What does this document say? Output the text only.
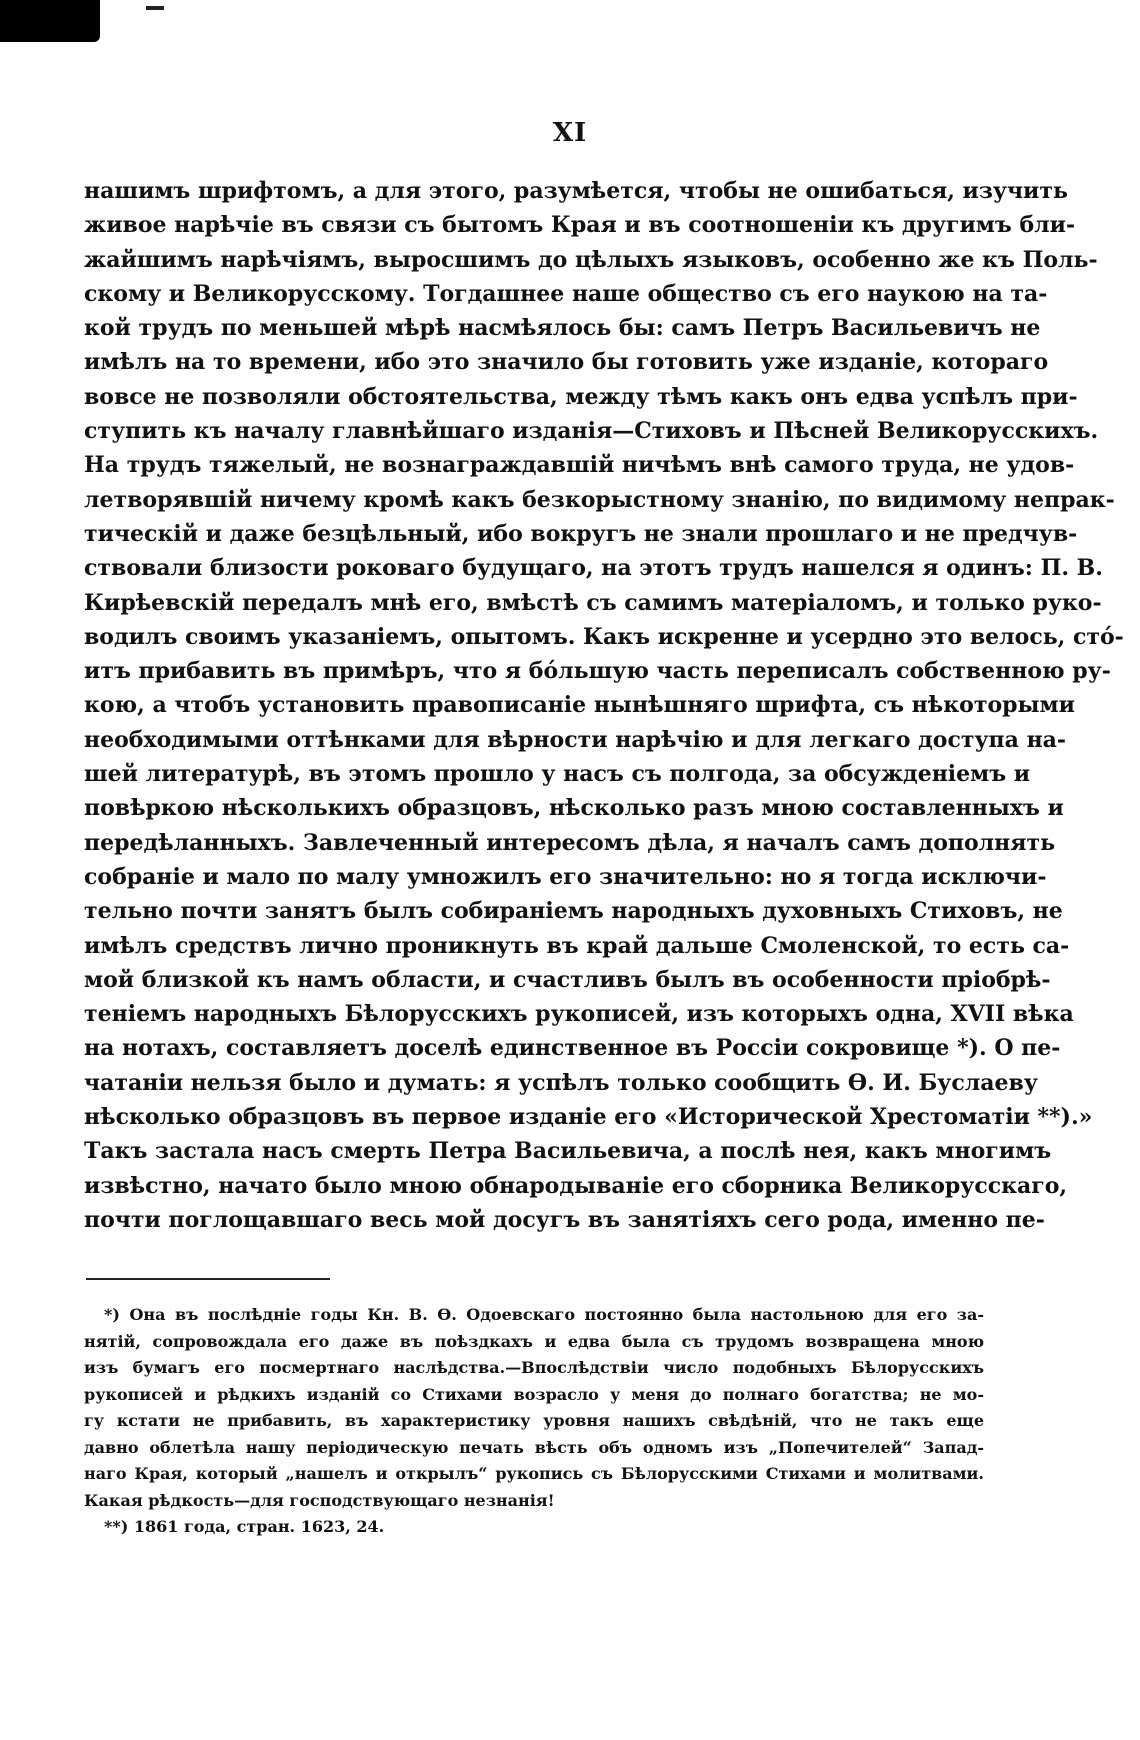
XI
нашимъ шрифтомъ, а для этого, разумѣется, чтобы не ошибаться, изучить
живое нарѣчіе въ связи съ бытомъ Края и въ соотношеніи къ другимъ бли-
жайшимъ нарѣчіямъ, выросшимъ до цѣлыхъ языковъ, особенно же къ Поль-
скому и Великорусскому. Тогдашнее наше общество съ его наукою на та-
кой трудъ по меньшей мѣрѣ насмѣялось бы: самъ Петръ Васильевичъ не
имѣлъ на то времени, ибо это значило бы готовить уже изданіе, котораго
вовсе не позволяли обстоятельства, между тѣмъ какъ онъ едва успѣлъ при-
ступить къ началу главнѣйшаго изданія—Стиховъ и Пѣсней Великорусскихъ.
На трудъ тяжелый, не вознаграждавшій ничѣмъ внѣ самого труда, не удов-
летворявшій ничему кромѣ какъ безкорыстному знанію, по видимому непрак-
тическій и даже безцѣльный, ибо вокругъ не знали прошлаго и не предчув-
ствовали близости роковаго будущаго, на этотъ трудъ нашелся я одинъ: П. В.
Кирѣевскій передалъ мнѣ его, вмѣстѣ съ самимъ матеріаломъ, и только руко-
водилъ своимъ указаніемъ, опытомъ. Какъ искренне и усердно это велось, сто́-
итъ прибавить въ примѣръ, что я бо́льшую часть переписалъ собственною ру-
кою, а чтобъ установить правописаніе нынѣшняго шрифта, съ нѣкоторыми
необходимыми оттѣнками для вѣрности нарѣчію и для легкаго доступа на-
шей литературѣ, въ этомъ прошло у насъ съ полгода, за обсужденіемъ и
повѣркою нѣсколькихъ образцовъ, нѣсколько разъ мною составленныхъ и
передѣланныхъ. Завлеченный интересомъ дѣла, я началъ самъ дополнять
собраніе и мало по малу умножилъ его значительно: но я тогда исключи-
тельно почти занятъ былъ собираніемъ народныхъ духовныхъ Стиховъ, не
имѣлъ средствъ лично проникнуть въ край дальше Смоленской, то есть са-
мой близкой къ намъ области, и счастливъ былъ въ особенности пріобрѣ-
теніемъ народныхъ Бѣлорусскихъ рукописей, изъ которыхъ одна, XVII вѣка
на нотахъ, составляетъ доселѣ единственное въ Россіи сокровище *). О пе-
чатаніи нельзя было и думать: я успѣлъ только сообщить Ѳ. И. Буслаеву
нѣсколько образцовъ въ первое изданіе его «Исторической Хрестоматіи **).»
Такъ застала насъ смерть Петра Васильевича, а послѣ нея, какъ многимъ
извѣстно, начато было мною обнародываніе его сборника Великорусскаго,
почти поглощавшаго весь мой досугъ въ занятіяхъ сего рода, именно пе-
*) Она въ послѣдніе годы Кн. В. Ѳ. Одоевскаго постоянно была настольною для его за-
нятій, сопровождала его даже въ поѣздкахъ и едва была съ трудомъ возвращена мною
изъ бумагъ его посмертнаго наслѣдства.—Впослѣдствіи число подобныхъ Бѣлорусскихъ
рукописей и рѣдкихъ изданій со Стихами возрасло у меня до полнаго богатства; не мо-
гу кстати не прибавить, въ характеристику уровня нашихъ свѣдѣній, что не такъ еще
давно облетѣла нашу періодическую печать вѣсть объ одномъ изъ „Попечителей“ Запад-
наго Края, который „нашелъ и открылъ“ рукопись съ Бѣлорусскими Стихами и молитвами.
Какая рѣдкость—для господствующаго незнанія!
**) 1861 года, стран. 1623, 24.
